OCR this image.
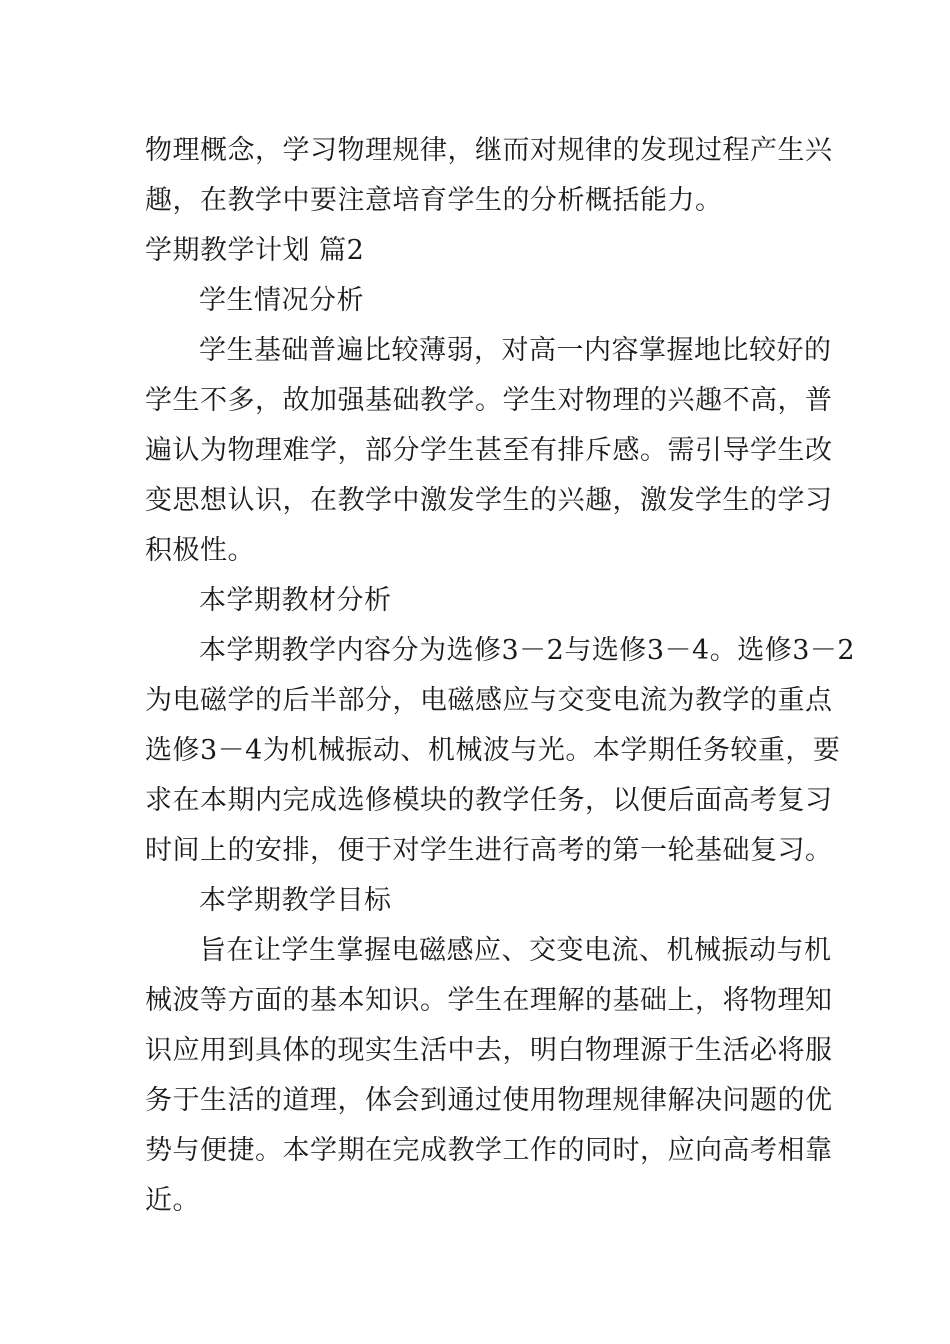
物理概念，学习物理规律，继而对规律的发现过程产生兴
趣，在教学中要注意培育学生的分析概括能力。
学期教学计划 篇2
学生情况分析
学生基础普遍比较薄弱，对高一内容掌握地比较好的
学生不多，故加强基础教学。学生对物理的兴趣不高，普
遍认为物理难学，部分学生甚至有排斥感。需引导学生改
变思想认识，在教学中激发学生的兴趣，激发学生的学习
积极性。
本学期教材分析
本学期教学内容分为选修3－2与选修3－4。选修3－2
为电磁学的后半部分，电磁感应与交变电流为教学的重点
选修3－4为机械振动、机械波与光。本学期任务较重，要
求在本期内完成选修模块的教学任务，以便后面高考复习
时间上的安排，便于对学生进行高考的第一轮基础复习。
本学期教学目标
旨在让学生掌握电磁感应、交变电流、机械振动与机
械波等方面的基本知识。学生在理解的基础上，将物理知
识应用到具体的现实生活中去，明白物理源于生活必将服
务于生活的道理，体会到通过使用物理规律解决问题的优
势与便捷。本学期在完成教学工作的同时，应向高考相靠
近。
